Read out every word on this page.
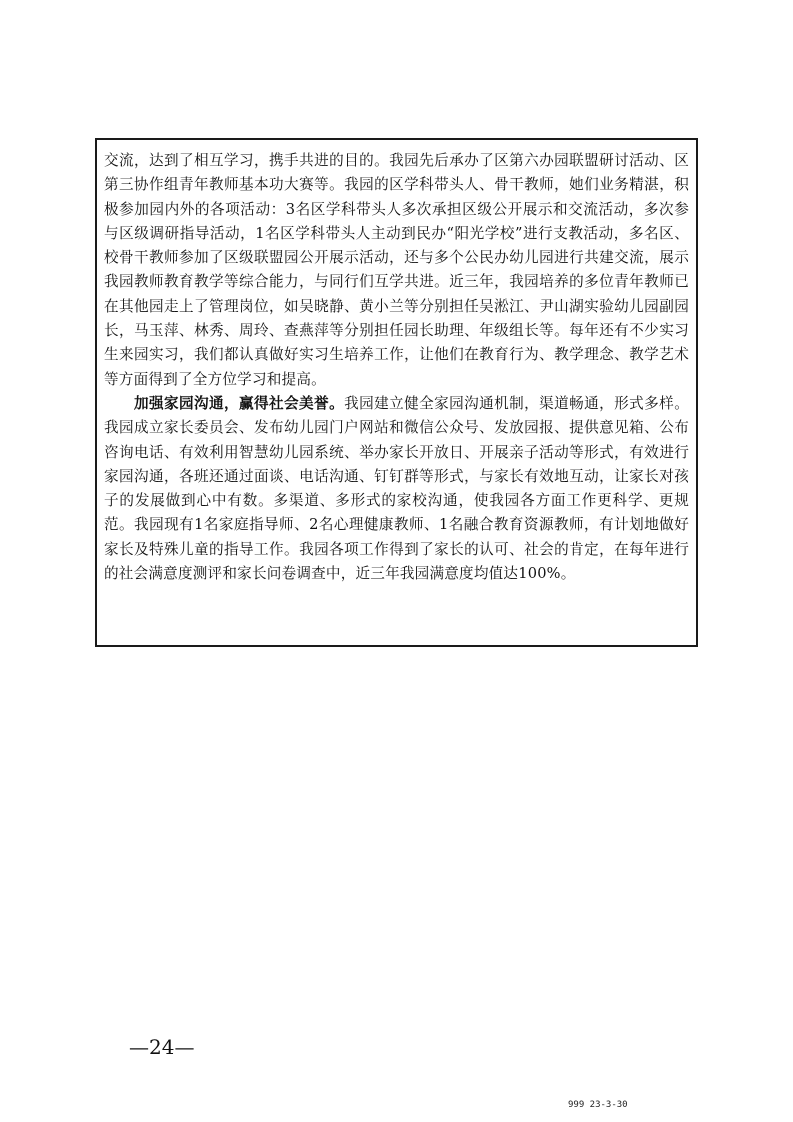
交流，达到了相互学习，携手共进的目的。我园先后承办了区第六办园联盟研讨活动、区第三协作组青年教师基本功大赛等。我园的区学科带头人、骨干教师，她们业务精湛，积极参加园内外的各项活动：3名区学科带头人多次承担区级公开展示和交流活动，多次参与区级调研指导活动，1名区学科带头人主动到民办“阳光学校”进行支教活动，多名区、校骨干教师参加了区级联盟园公开展示活动，还与多个公民办幼儿园进行共建交流，展示我园教师教育教学等综合能力，与同行们互学共进。近三年，我园培养的多位青年教师已在其他园走上了管理岗位，如吴晓静、黄小兰等分别担任吴淞江、尹山湖实验幼儿园副园长，马玉萍、林秀、周玲、查燕萍等分别担任园长助理、年级组长等。每年还有不少实习生来园实习，我们都认真做好实习生培养工作，让他们在教育行为、教学理念、教学艺术等方面得到了全方位学习和提高。

加强家园沟通，赢得社会美誉。我园建立健全家园沟通机制，渠道畅通，形式多样。我园成立家长委员会、发布幼儿园门户网站和微信公众号、发放园报、提供意见箱、公布咨询电话、有效利用智慧幼儿园系统、举办家长开放日、开展亲子活动等形式，有效进行家园沟通，各班还通过面谈、电话沟通、钉钉群等形式，与家长有效地互动，让家长对孩子的发展做到心中有数。多渠道、多形式的家校沟通，使我园各方面工作更科学、更规范。我园现有1名家庭指导师、2名心理健康教师、1名融合教育资源教师，有计划地做好家长及特殊儿童的指导工作。我园各项工作得到了家长的认可、社会的肯定，在每年进行的社会满意度测评和家长问卷调查中，近三年我园满意度均值达100%。

—24—
999 23-3-30
